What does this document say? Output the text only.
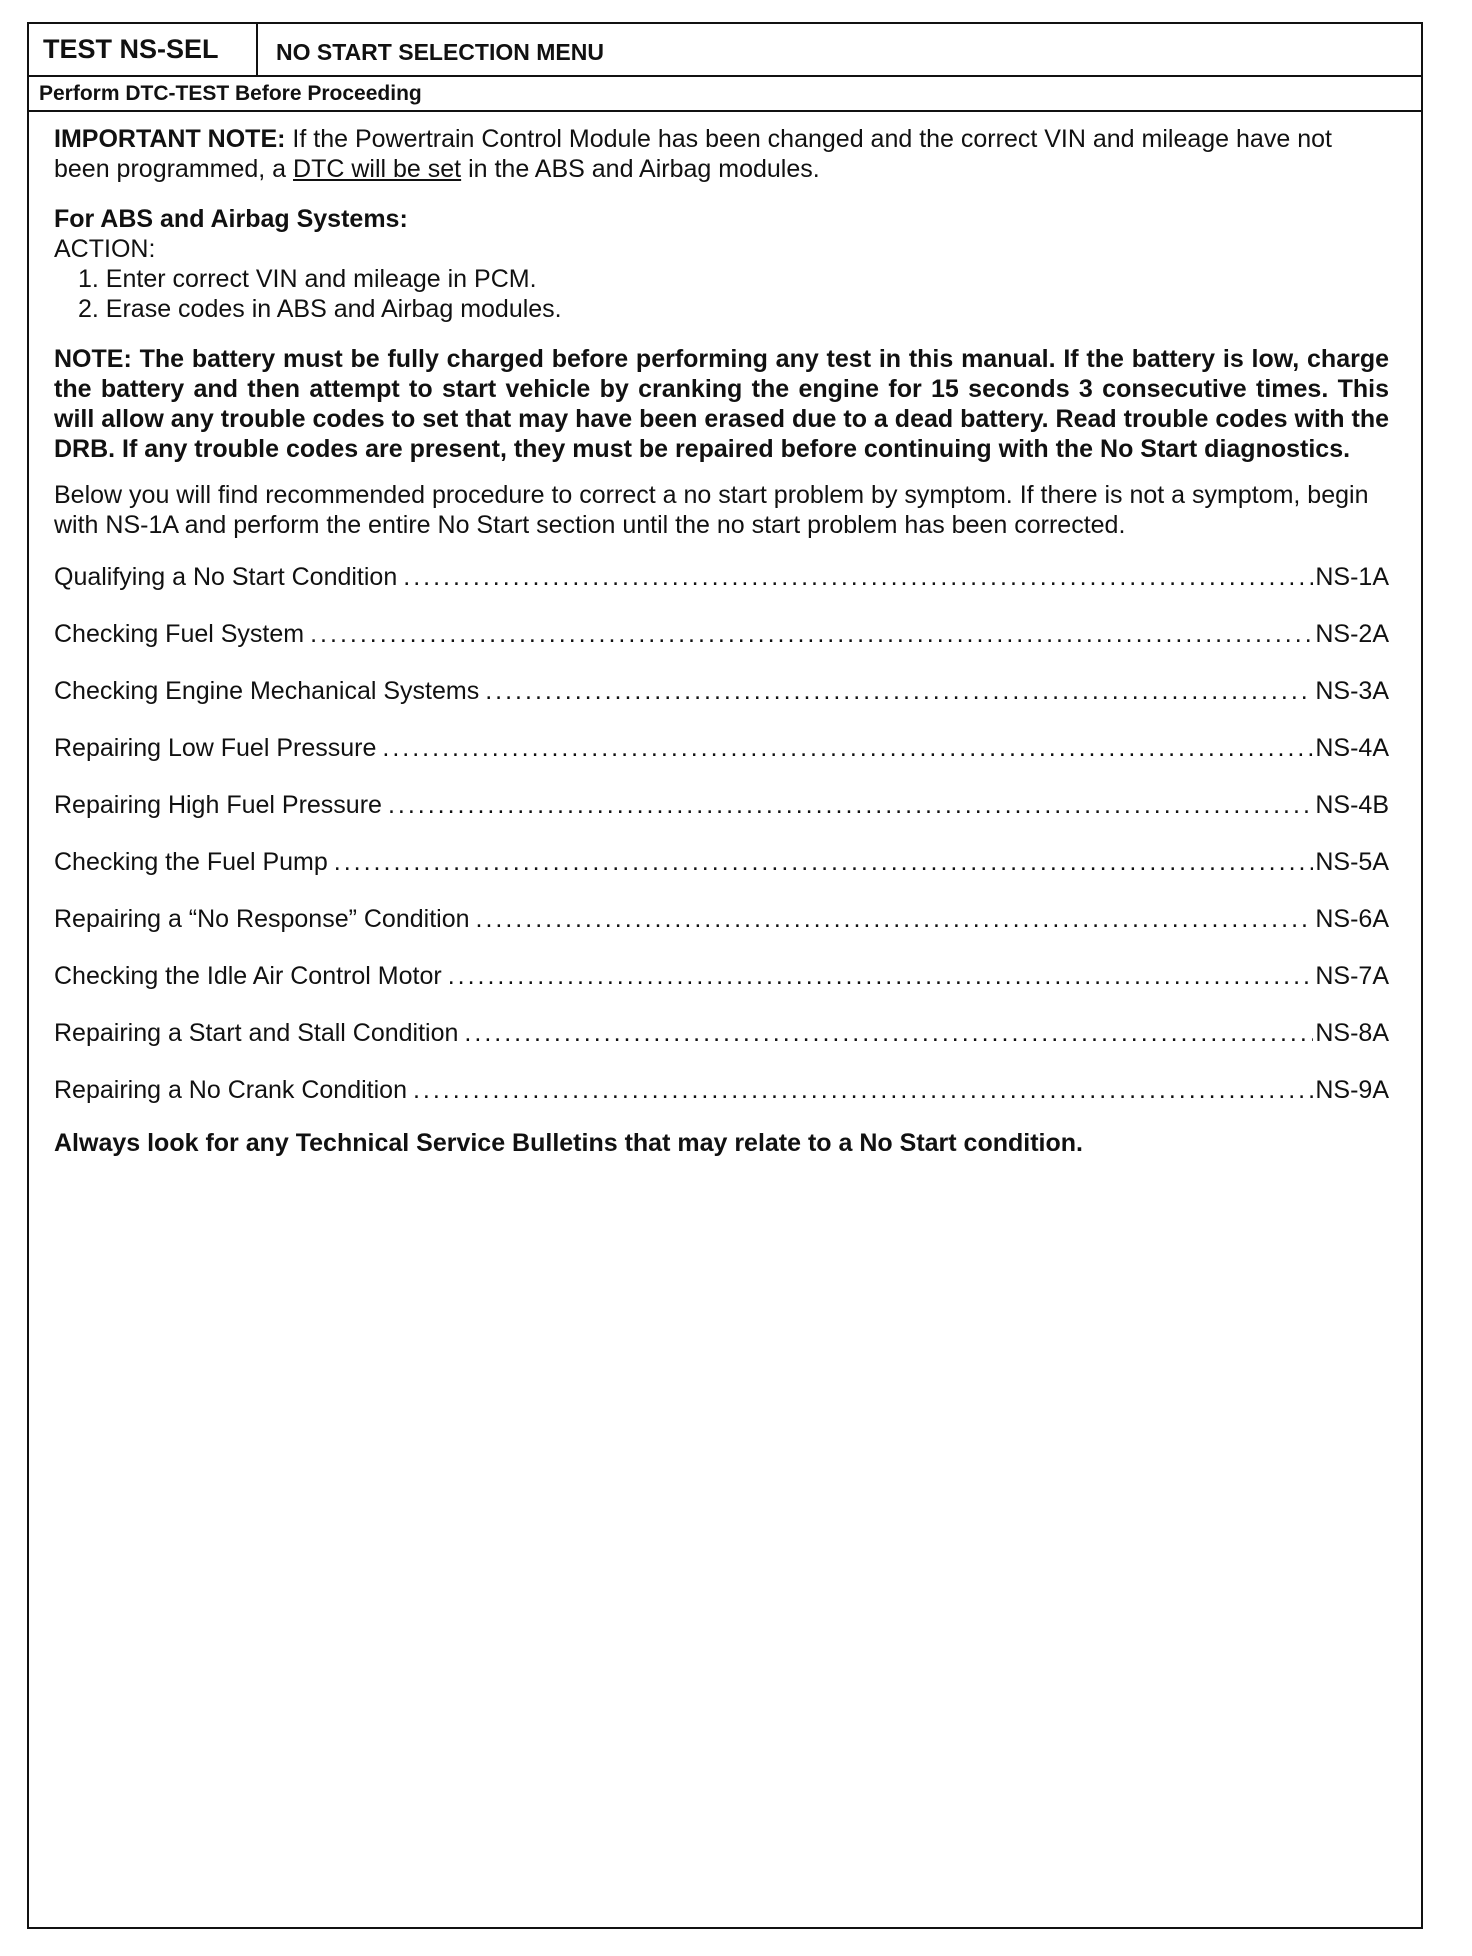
TEST NS-SEL	NO START SELECTION MENU
Perform DTC-TEST Before Proceeding

IMPORTANT NOTE: If the Powertrain Control Module has been changed and the correct VIN and mileage have not been programmed, a DTC will be set in the ABS and Airbag modules.

For ABS and Airbag Systems:

ACTION:

1. Enter correct VIN and mileage in PCM.
2. Erase codes in ABS and Airbag modules.

NOTE: The battery must be fully charged before performing any test in this manual. If the battery is low, charge the battery and then attempt to start vehicle by cranking the engine for 15 seconds 3 consecutive times. This will allow any trouble codes to set that may have been erased due to a dead battery. Read trouble codes with the DRB. If any trouble codes are present, they must be repaired before continuing with the No Start diagnostics.

Below you will find recommended procedure to correct a no start problem by symptom. If there is not a symptom, begin with NS-1A and perform the entire No Start section until the no start problem has been corrected.

Qualifying a No Start Condition .....	NS-1A
Checking Fuel System .....	NS-2A
Checking Engine Mechanical Systems .....	NS-3A
Repairing Low Fuel Pressure .....	NS-4A
Repairing High Fuel Pressure .....	NS-4B
Checking the Fuel Pump .....	NS-5A
Repairing a “No Response” Condition .....	NS-6A
Checking the Idle Air Control Motor .....	NS-7A
Repairing a Start and Stall Condition .....	NS-8A
Repairing a No Crank Condition .....	NS-9A

Always look for any Technical Service Bulletins that may relate to a No Start condition.
